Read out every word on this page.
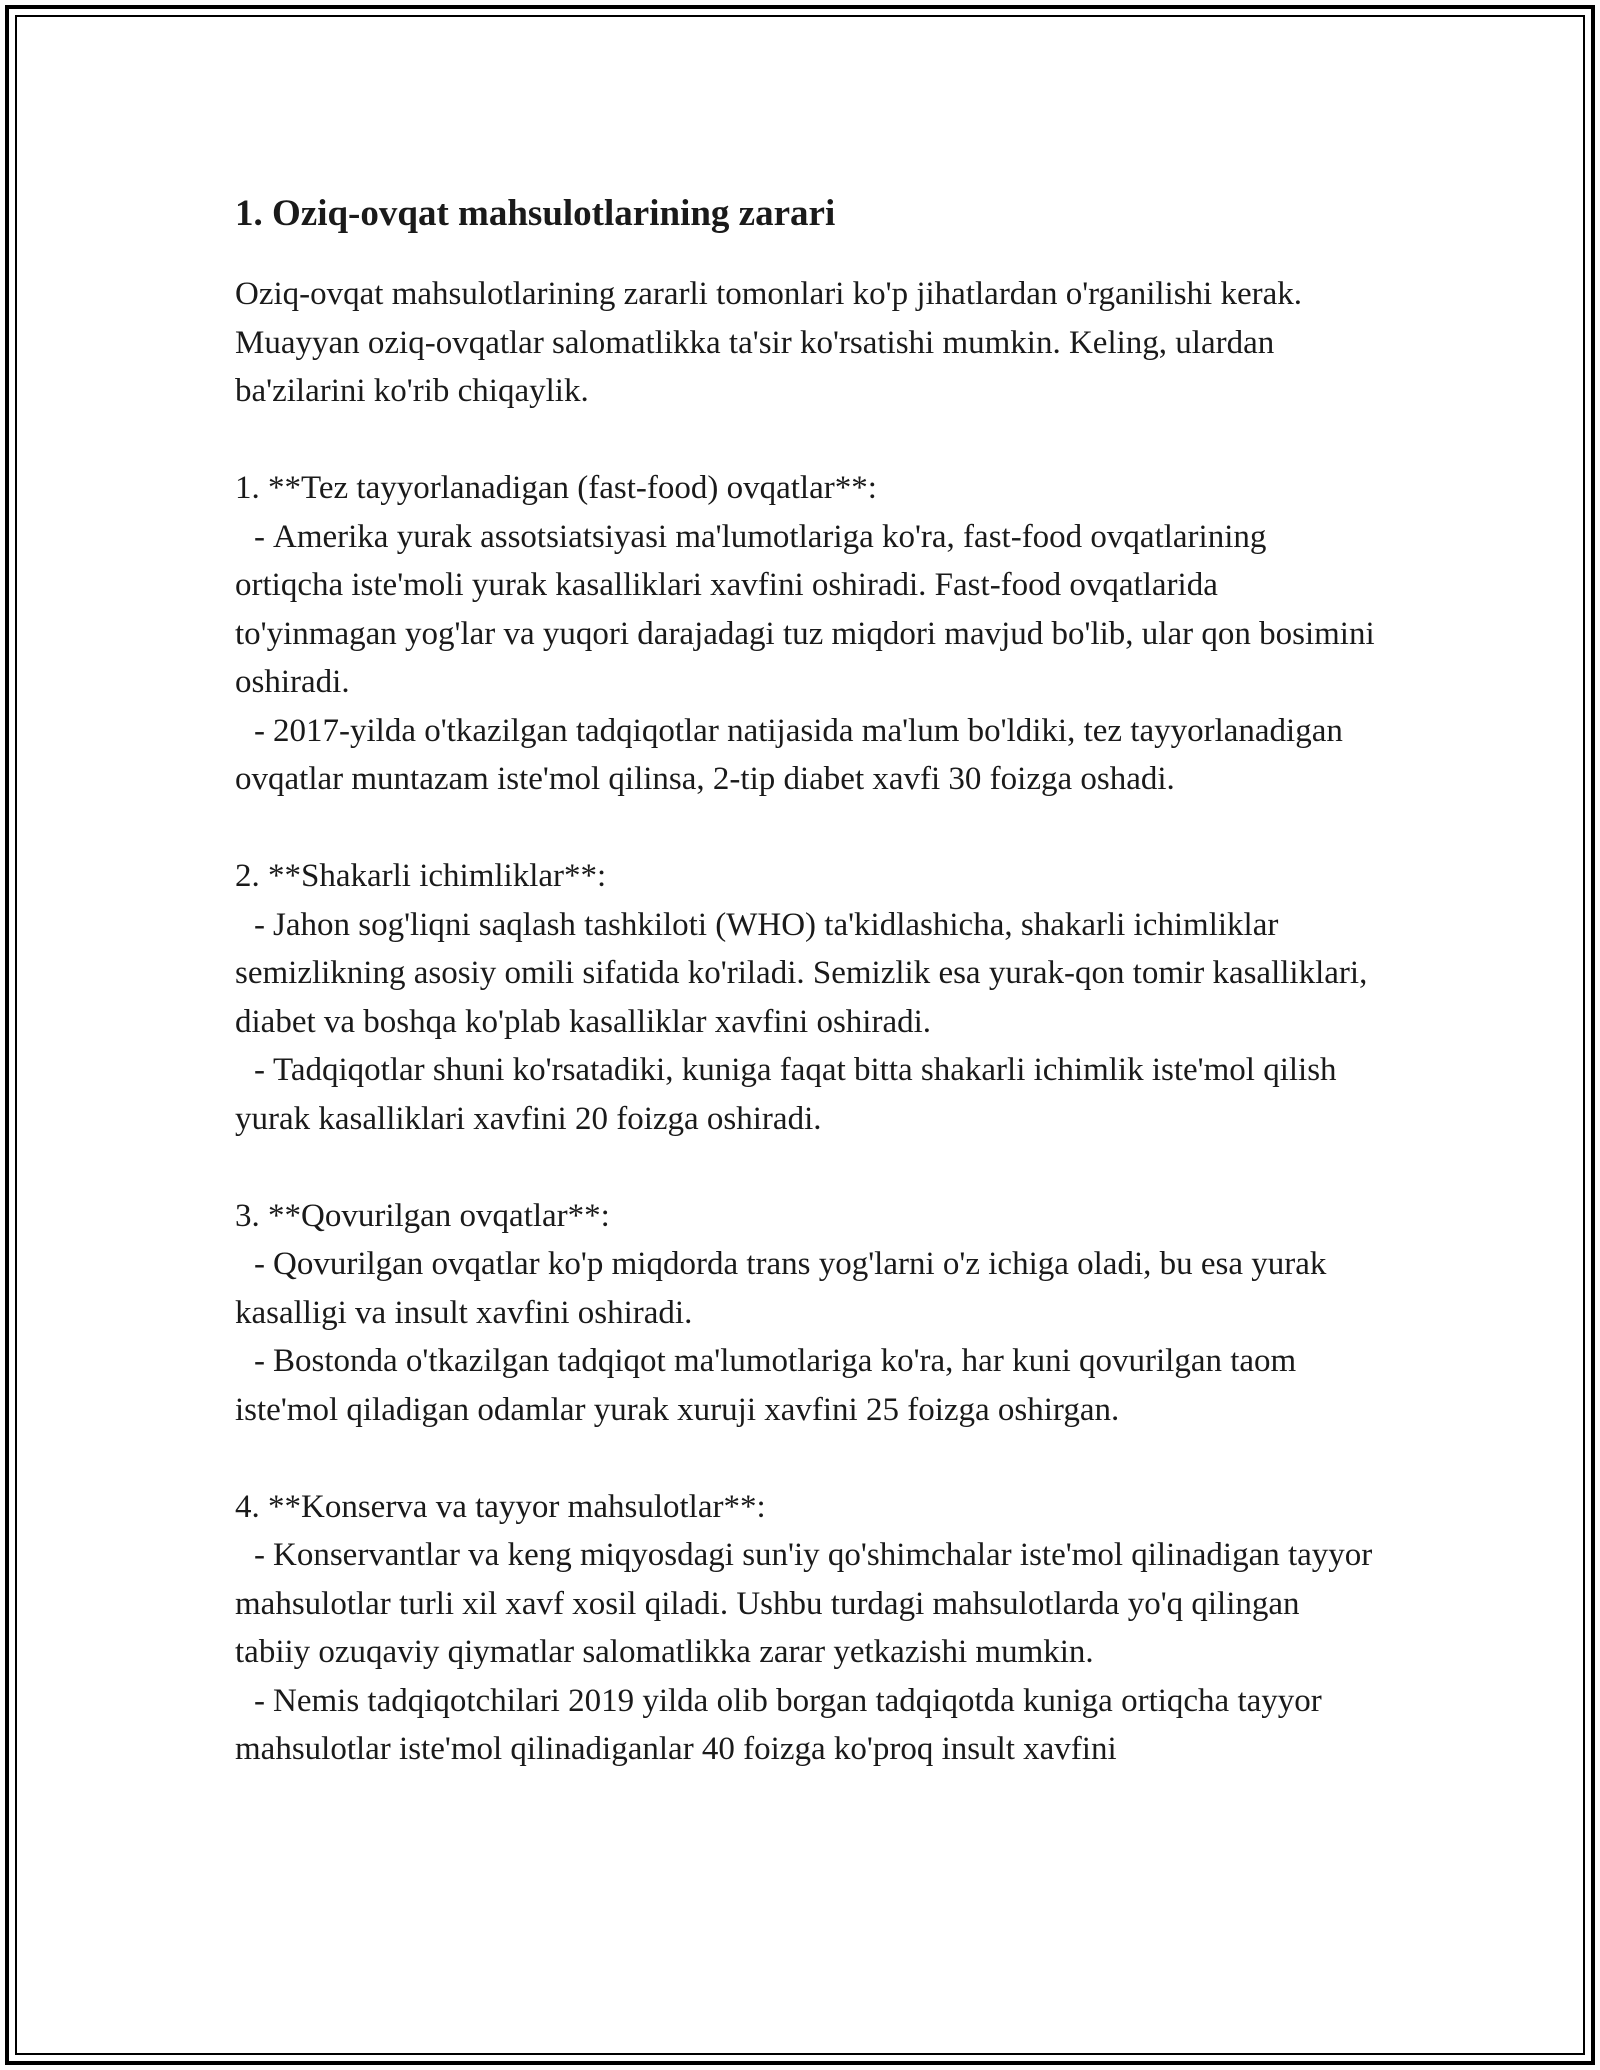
1. Oziq-ovqat mahsulotlarining zarari

Oziq-ovqat mahsulotlarining zararli tomonlari ko'p jihatlardan o'rganilishi kerak. Muayyan oziq-ovqatlar salomatlikka ta'sir ko'rsatishi mumkin. Keling, ulardan ba'zilarini ko'rib chiqaylik.

1. **Tez tayyorlanadigan (fast-food) ovqatlar**:

- Amerika yurak assotsiatsiyasi ma'lumotlariga ko'ra, fast-food ovqatlarining ortiqcha iste'moli yurak kasalliklari xavfini oshiradi. Fast-food ovqatlarida to'yinmagan yog'lar va yuqori darajadagi tuz miqdori mavjud bo'lib, ular qon bosimini oshiradi.

- 2017-yilda o'tkazilgan tadqiqotlar natijasida ma'lum bo'ldiki, tez tayyorlanadigan ovqatlar muntazam iste'mol qilinsa, 2-tip diabet xavfi 30 foizga oshadi.

2. **Shakarli ichimliklar**:

- Jahon sog'liqni saqlash tashkiloti (WHO) ta'kidlashicha, shakarli ichimliklar semizlikning asosiy omili sifatida ko'riladi. Semizlik esa yurak-qon tomir kasalliklari, diabet va boshqa ko'plab kasalliklar xavfini oshiradi.

- Tadqiqotlar shuni ko'rsatadiki, kuniga faqat bitta shakarli ichimlik iste'mol qilish yurak kasalliklari xavfini 20 foizga oshiradi.

3. **Qovurilgan ovqatlar**:

- Qovurilgan ovqatlar ko'p miqdorda trans yog'larni o'z ichiga oladi, bu esa yurak kasalligi va insult xavfini oshiradi.

- Bostonda o'tkazilgan tadqiqot ma'lumotlariga ko'ra, har kuni qovurilgan taom iste'mol qiladigan odamlar yurak xuruji xavfini 25 foizga oshirgan.

4. **Konserva va tayyor mahsulotlar**:

- Konservantlar va keng miqyosdagi sun'iy qo'shimchalar iste'mol qilinadigan tayyor mahsulotlar turli xil xavf xosil qiladi. Ushbu turdagi mahsulotlarda yo'q qilingan tabiiy ozuqaviy qiymatlar salomatlikka zarar yetkazishi mumkin.

- Nemis tadqiqotchilari 2019 yilda olib borgan tadqiqotda kuniga ortiqcha tayyor mahsulotlar iste'mol qilinadiganlar 40 foizga ko'proq insult xavfini
